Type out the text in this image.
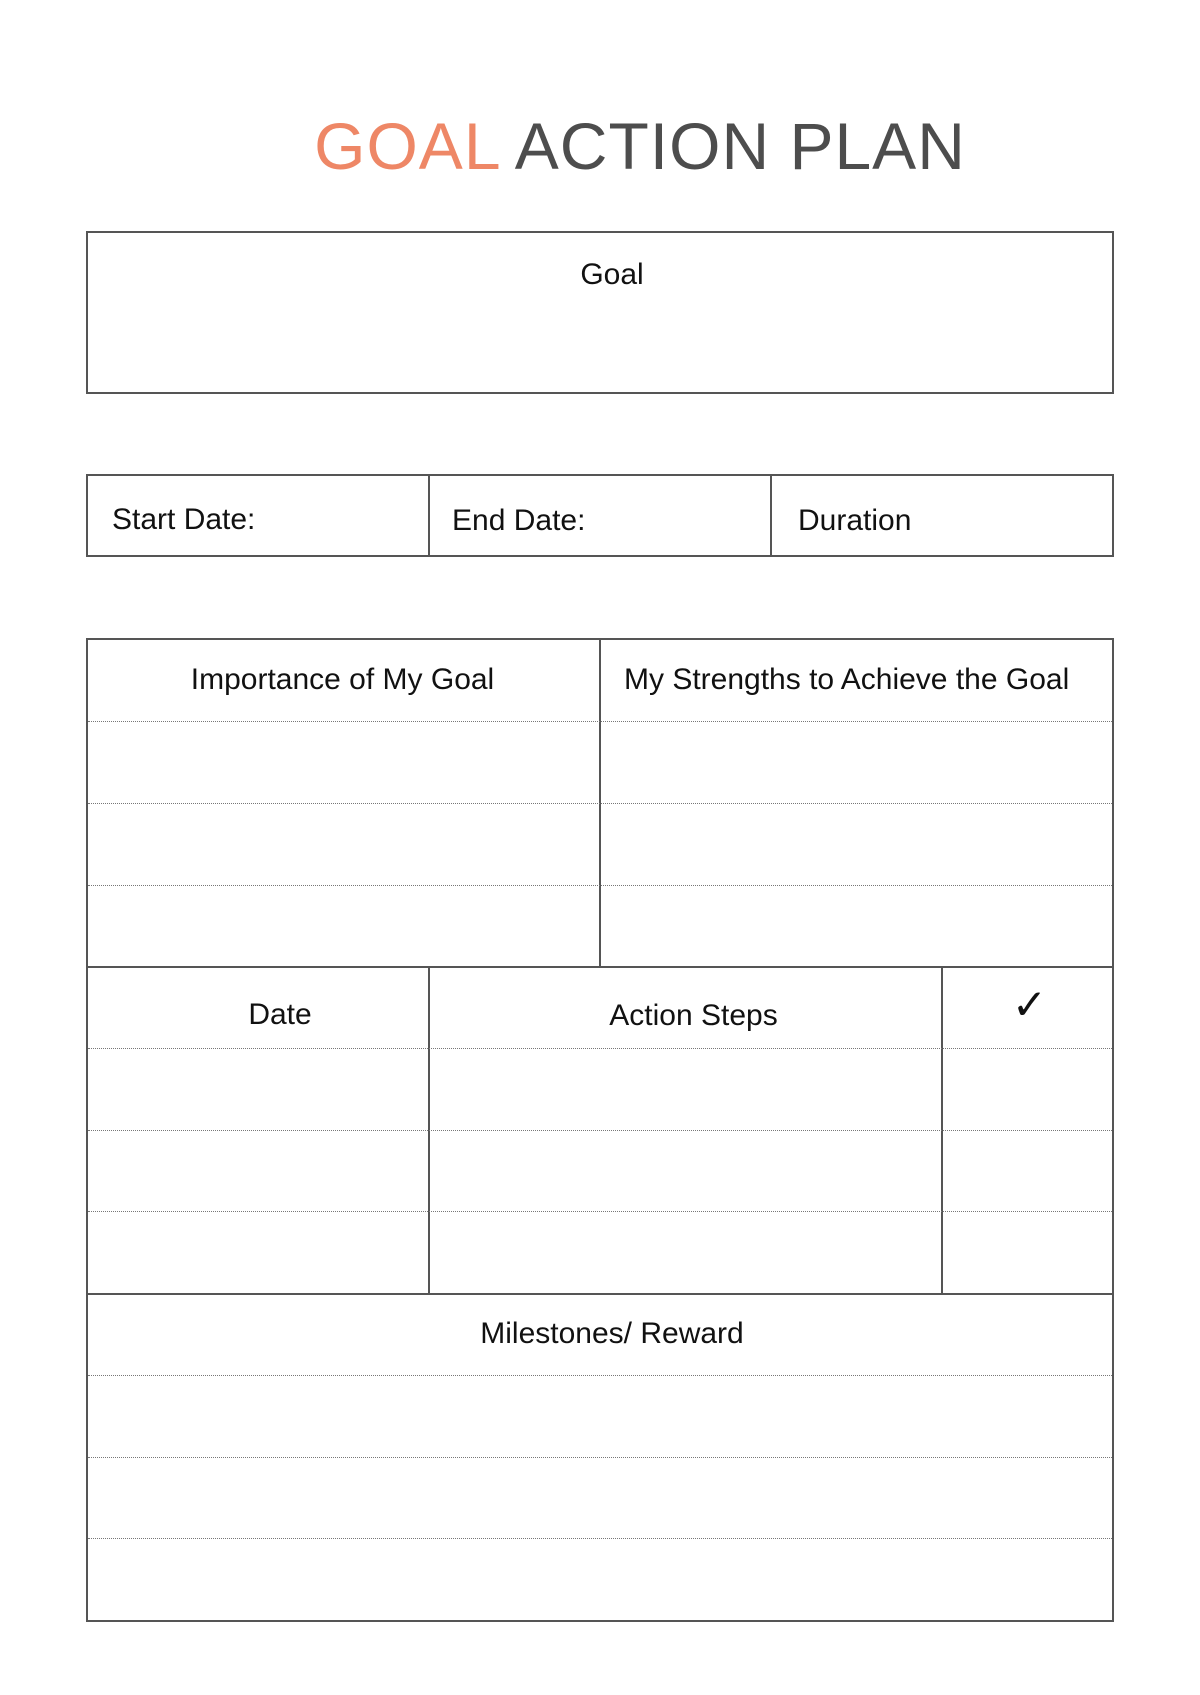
GOAL ACTION PLAN
Goal
Start Date:	End Date:	Duration
Importance of My Goal	My Strengths to Achieve the Goal
Date	Action Steps	✓
Milestones/ Reward
